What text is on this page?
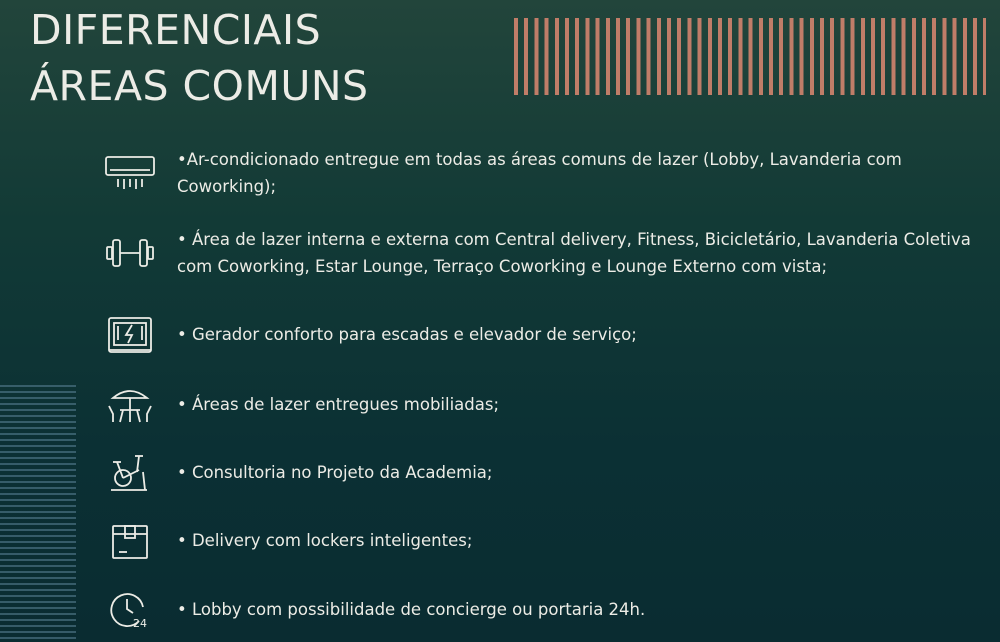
DIFERENCIAIS
ÁREAS COMUNS
•Ar-condicionado entregue em todas as áreas comuns de lazer (Lobby, Lavanderia com Coworking);
• Área de lazer interna e externa com Central delivery, Fitness, Bicicletário, Lavanderia Coletiva com Coworking, Estar Lounge, Terraço Coworking e Lounge Externo com vista;
• Gerador conforto para escadas e elevador de serviço;
• Áreas de lazer entregues mobiliadas;
• Consultoria no Projeto da Academia;
• Delivery com lockers inteligentes;
24
• Lobby com possibilidade de concierge ou portaria 24h.
